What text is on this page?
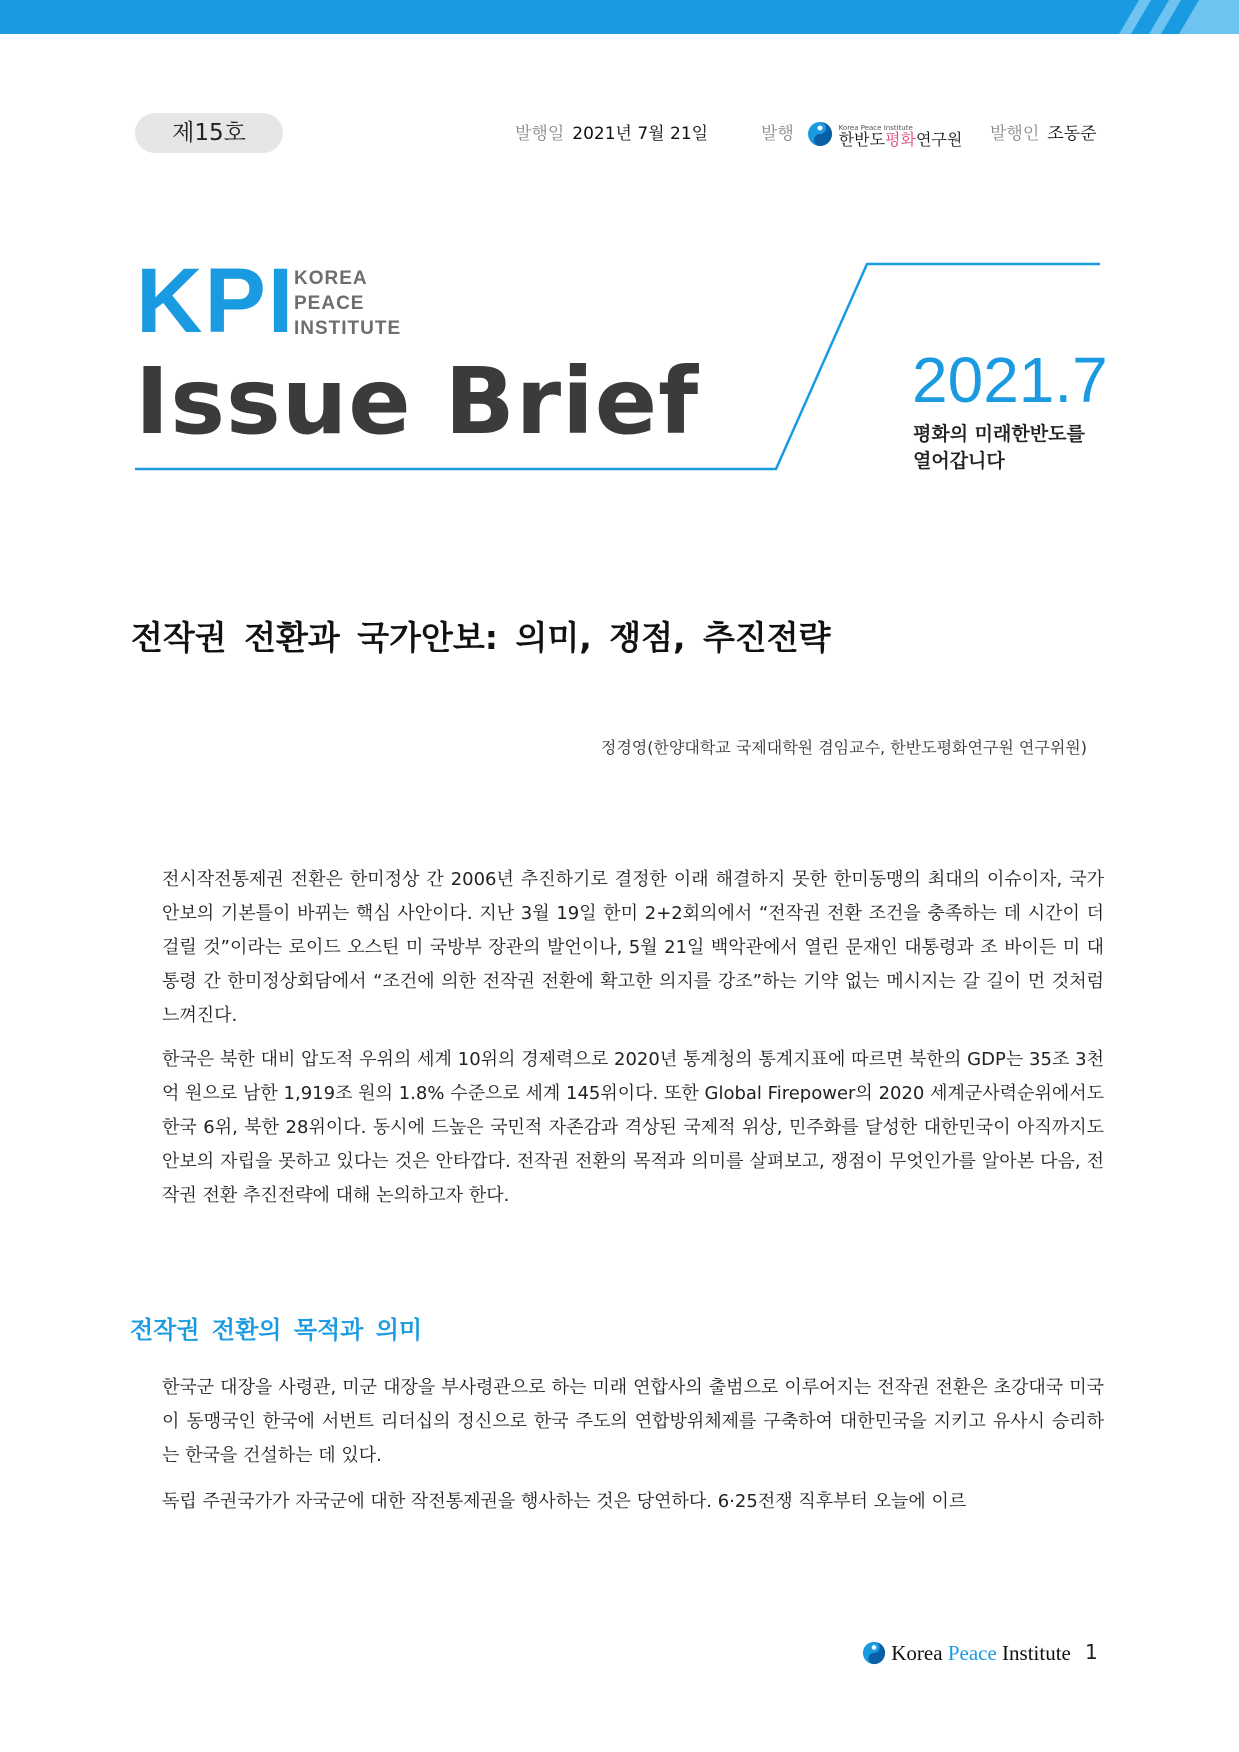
제15호	발행일 2021년 7월 21일	발행	Korea Peace Institute
한반도평화연구원 발행인 조동준
KPI
KOREA
PEACE
INSTITUTE
Issue Brief	2021.7
평화의 미래한반도를
열어갑니다
전작권 전환과 국가안보: 의미, 쟁점, 추진전략
정경영(한양대학교 국제대학원 겸임교수, 한반도평화연구원 연구위원)

전시작전통제권 전환은 한미정상 간 2006년 추진하기로 결정한 이래 해결하지 못한 한미동맹의 최대의 이슈이자, 국가안보의 기본틀이 바뀌는 핵심 사안이다. 지난 3월 19일 한미 2+2회의에서 “전작권 전환 조건을 충족하는 데 시간이 더 걸릴 것”이라는 로이드 오스틴 미 국방부 장관의 발언이나, 5월 21일 백악관에서 열린 문재인 대통령과 조 바이든 미 대통령 간 한미정상회담에서 “조건에 의한 전작권 전환에 확고한 의지를 강조”하는 기약 없는 메시지는 갈 길이 먼 것처럼 느껴진다.

한국은 북한 대비 압도적 우위의 세계 10위의 경제력으로 2020년 통계청의 통계지표에 따르면 북한의 GDP는 35조 3천억 원으로 남한 1,919조 원의 1.8% 수준으로 세계 145위이다. 또한 Global Firepower의 2020 세계군사력순위에서도 한국 6위, 북한 28위이다. 동시에 드높은 국민적 자존감과 격상된 국제적 위상, 민주화를 달성한 대한민국이 아직까지도 안보의 자립을 못하고 있다는 것은 안타깝다. 전작권 전환의 목적과 의미를 살펴보고, 쟁점이 무엇인가를 알아본 다음, 전작권 전환 추진전략에 대해 논의하고자 한다.

전작권 전환의 목적과 의미

한국군 대장을 사령관, 미군 대장을 부사령관으로 하는 미래 연합사의 출범으로 이루어지는 전작권 전환은 초강대국 미국이 동맹국인 한국에 서번트 리더십의 정신으로 한국 주도의 연합방위체제를 구축하여 대한민국을 지키고 유사시 승리하는 한국을 건설하는 데 있다.

독립 주권국가가 자국군에 대한 작전통제권을 행사하는 것은 당연하다. 6·25전쟁 직후부터 오늘에 이르

Korea Peace Institute 1
